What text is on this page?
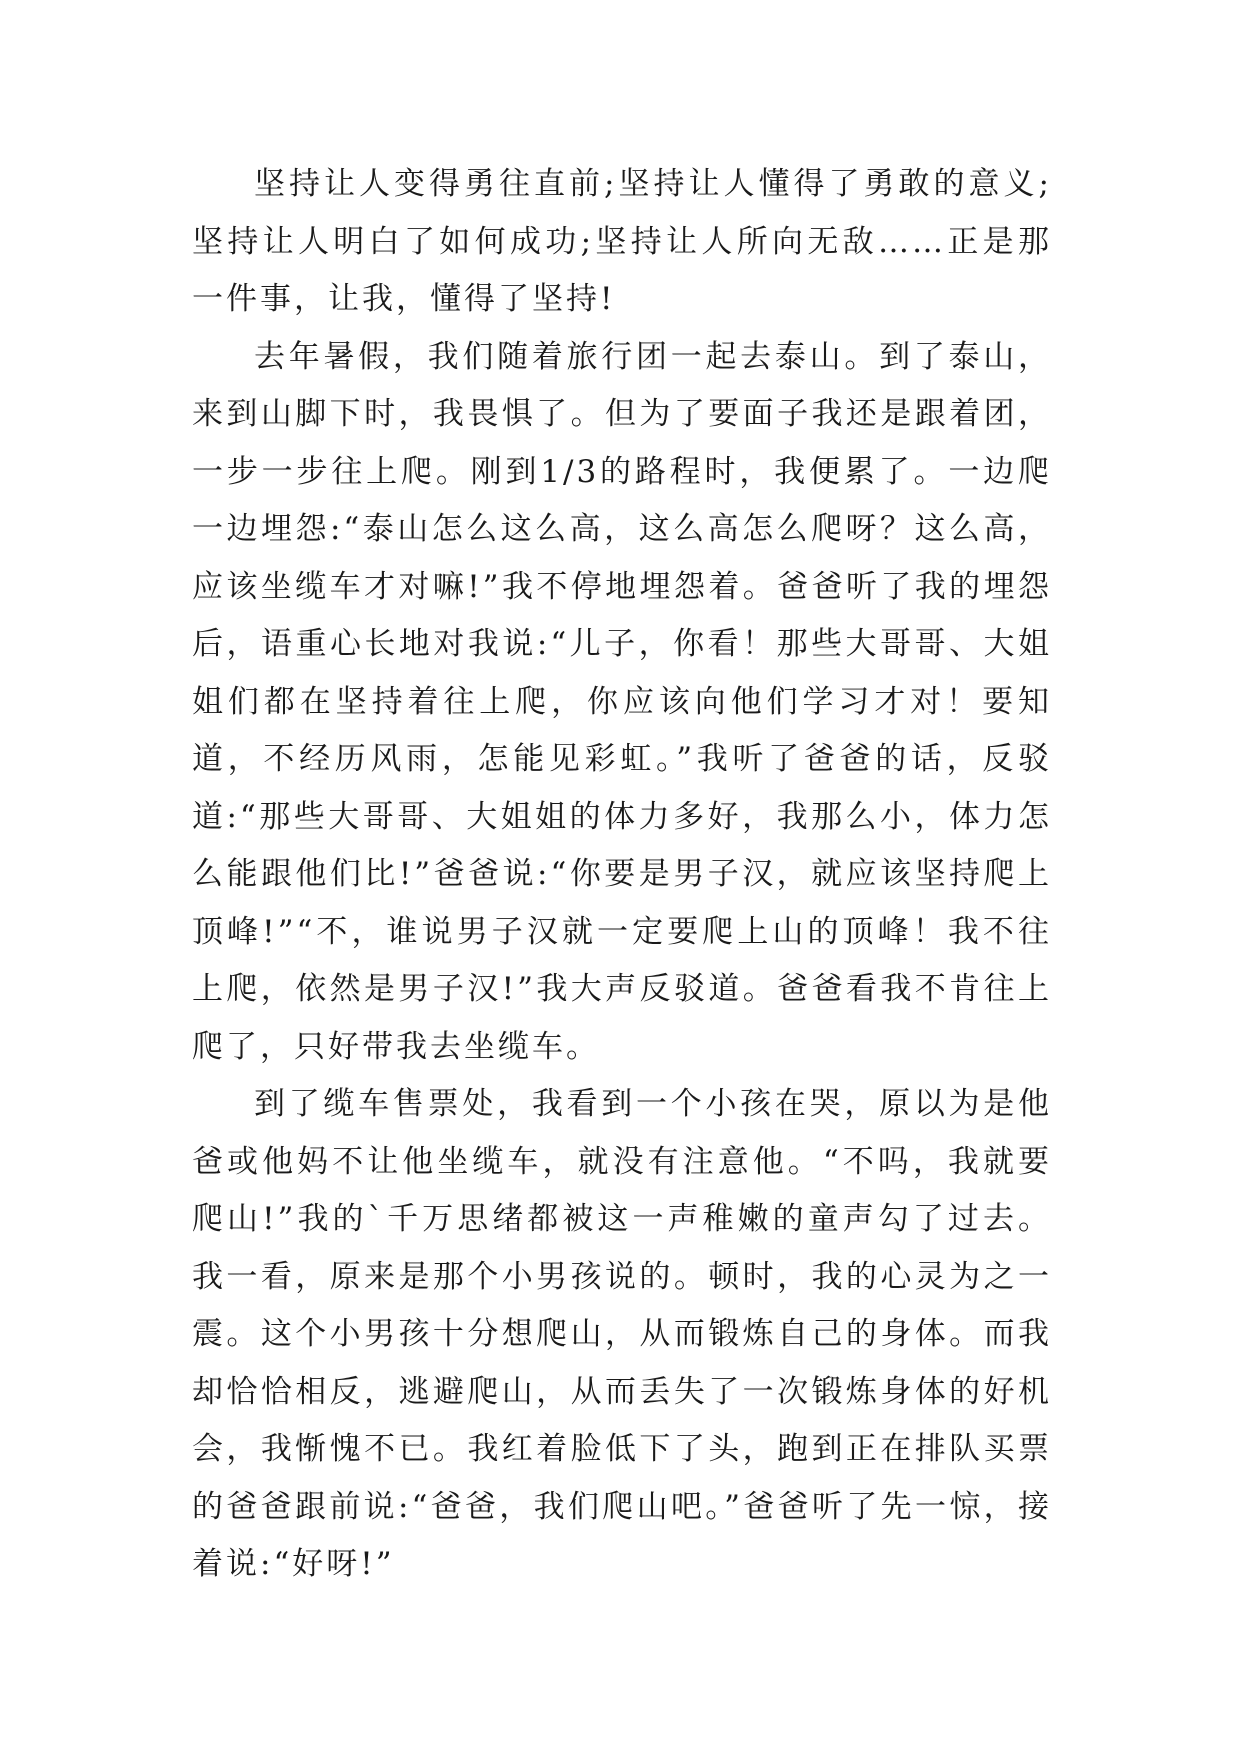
坚持让人变得勇往直前;坚持让人懂得了勇敢的意义;坚持让人明白了如何成功;坚持让人所向无敌……正是那一件事，让我，懂得了坚持!

去年暑假，我们随着旅行团一起去泰山。到了泰山，来到山脚下时，我畏惧了。但为了要面子我还是跟着团，一步一步往上爬。刚到1/3的路程时，我便累了。一边爬一边埋怨:“泰山怎么这么高，这么高怎么爬呀？这么高，应该坐缆车才对嘛!”我不停地埋怨着。爸爸听了我的埋怨后，语重心长地对我说:“儿子，你看！那些大哥哥、大姐姐们都在坚持着往上爬，你应该向他们学习才对！要知道，不经历风雨，怎能见彩虹。”我听了爸爸的话，反驳道:“那些大哥哥、大姐姐的体力多好，我那么小，体力怎么能跟他们比!”爸爸说:“你要是男子汉，就应该坚持爬上顶峰!”“不，谁说男子汉就一定要爬上山的顶峰！我不往上爬，依然是男子汉!”我大声反驳道。爸爸看我不肯往上爬了，只好带我去坐缆车。

到了缆车售票处，我看到一个小孩在哭，原以为是他爸或他妈不让他坐缆车，就没有注意他。“不吗，我就要爬山!”我的`千万思绪都被这一声稚嫩的童声勾了过去。我一看，原来是那个小男孩说的。顿时，我的心灵为之一震。这个小男孩十分想爬山，从而锻炼自己的身体。而我却恰恰相反，逃避爬山，从而丢失了一次锻炼身体的好机会，我惭愧不已。我红着脸低下了头，跑到正在排队买票的爸爸跟前说:“爸爸，我们爬山吧。”爸爸听了先一惊，接着说:“好呀!”
